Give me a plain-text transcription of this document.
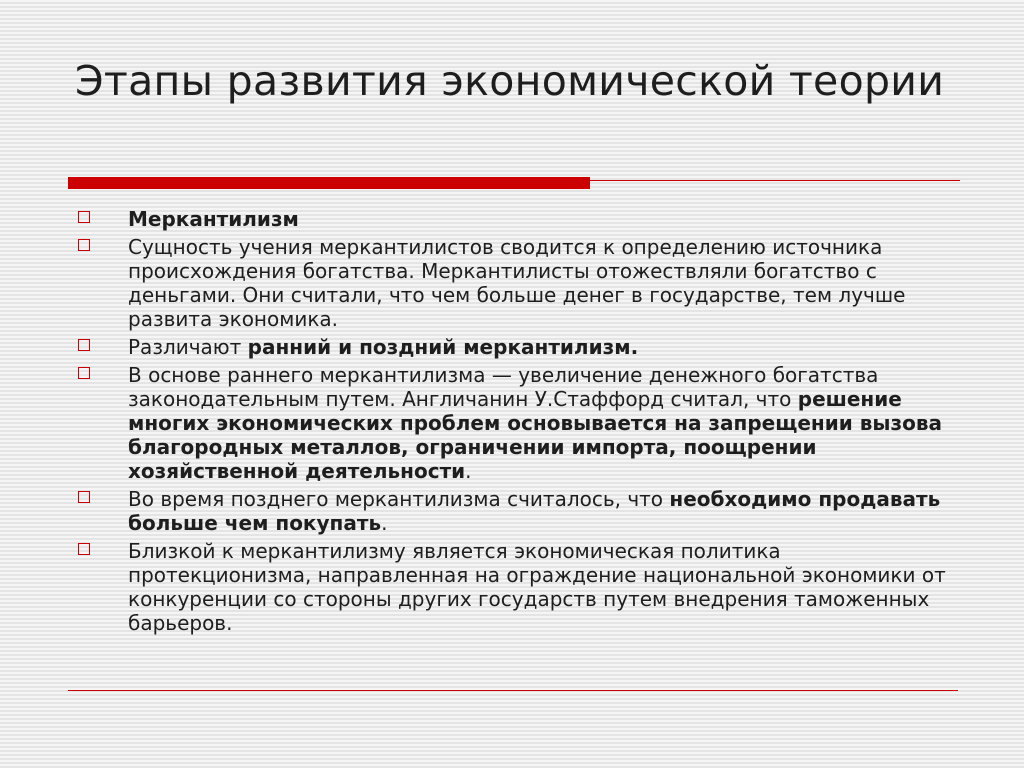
Этапы развития экономической теории
Меркантилизм
Сущность учения меркантилистов сводится к определению источника происхождения богатства. Меркантилисты отожествляли богатство с деньгами. Они считали, что чем больше денег в государстве, тем лучше развита экономика.
Различают ранний и поздний меркантилизм.
В основе раннего меркантилизма — увеличение денежного богатства законодательным путем. Англичанин У.Стаффорд считал, что решение многих экономических проблем основывается на запрещении вызова благородных металлов, ограничении импорта, поощрении хозяйственной деятельности.
Во время позднего меркантилизма считалось, что необходимо продавать больше чем покупать.
Близкой к меркантилизму является экономическая политика протекционизма, направленная на ограждение национальной экономики от конкуренции со стороны других государств путем внедрения таможенных барьеров.
